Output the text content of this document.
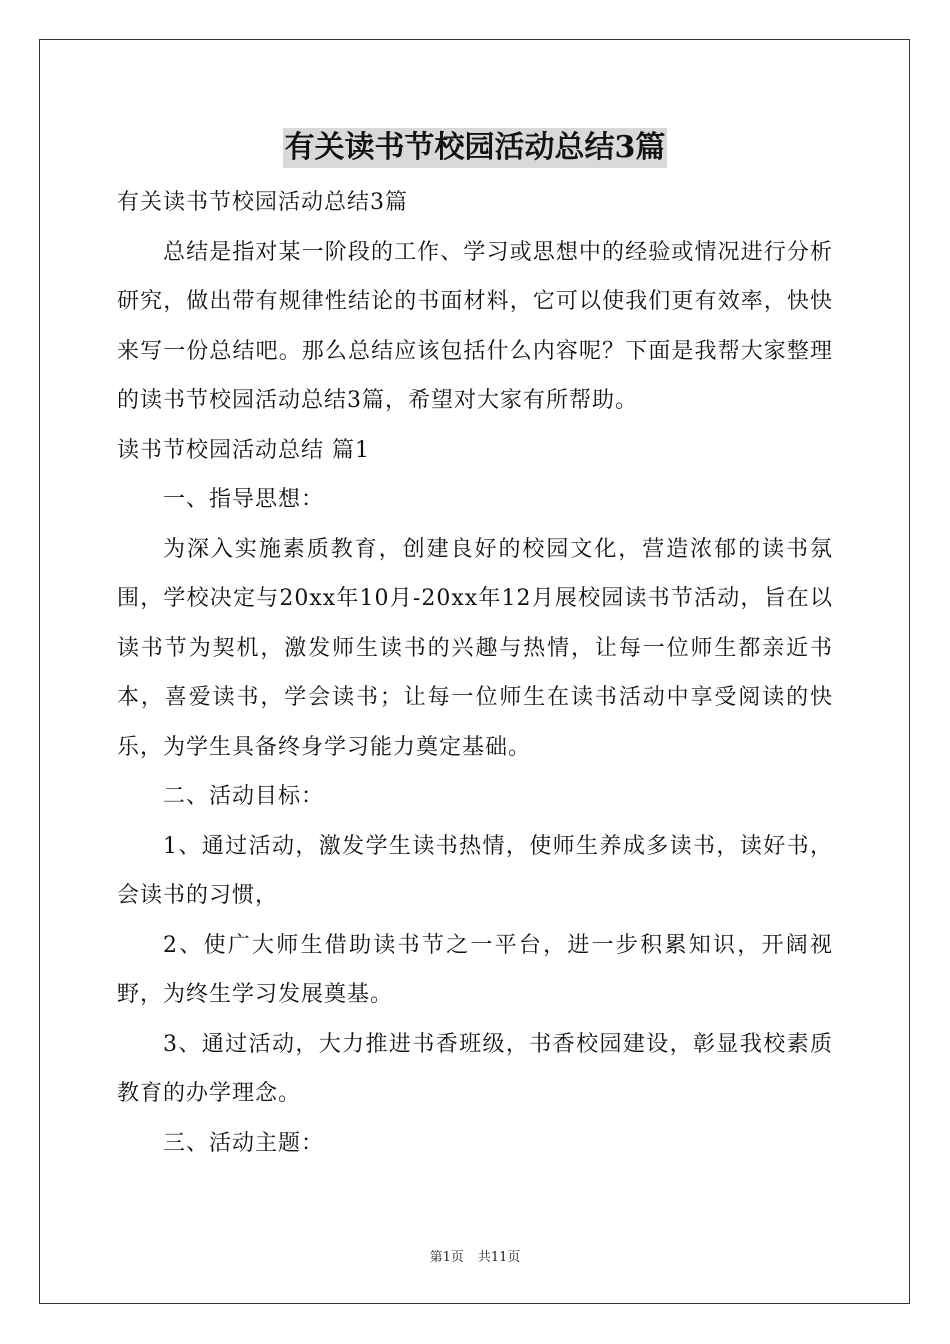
有关读书节校园活动总结3篇

有关读书节校园活动总结3篇

总结是指对某一阶段的工作、学习或思想中的经验或情况进行分析研究，做出带有规律性结论的书面材料，它可以使我们更有效率，快快来写一份总结吧。那么总结应该包括什么内容呢？下面是我帮大家整理的读书节校园活动总结3篇，希望对大家有所帮助。

读书节校园活动总结 篇1

一、指导思想：

为深入实施素质教育，创建良好的校园文化，营造浓郁的读书氛围，学校决定与20xx年10月-20xx年12月展校园读书节活动，旨在以读书节为契机，激发师生读书的兴趣与热情，让每一位师生都亲近书本，喜爱读书，学会读书；让每一位师生在读书活动中享受阅读的快乐，为学生具备终身学习能力奠定基础。

二、活动目标：

1、通过活动，激发学生读书热情，使师生养成多读书，读好书，会读书的习惯，

2、使广大师生借助读书节之一平台，进一步积累知识，开阔视野，为终生学习发展奠基。

3、通过活动，大力推进书香班级，书香校园建设，彰显我校素质教育的办学理念。

三、活动主题：

第1页 共11页
